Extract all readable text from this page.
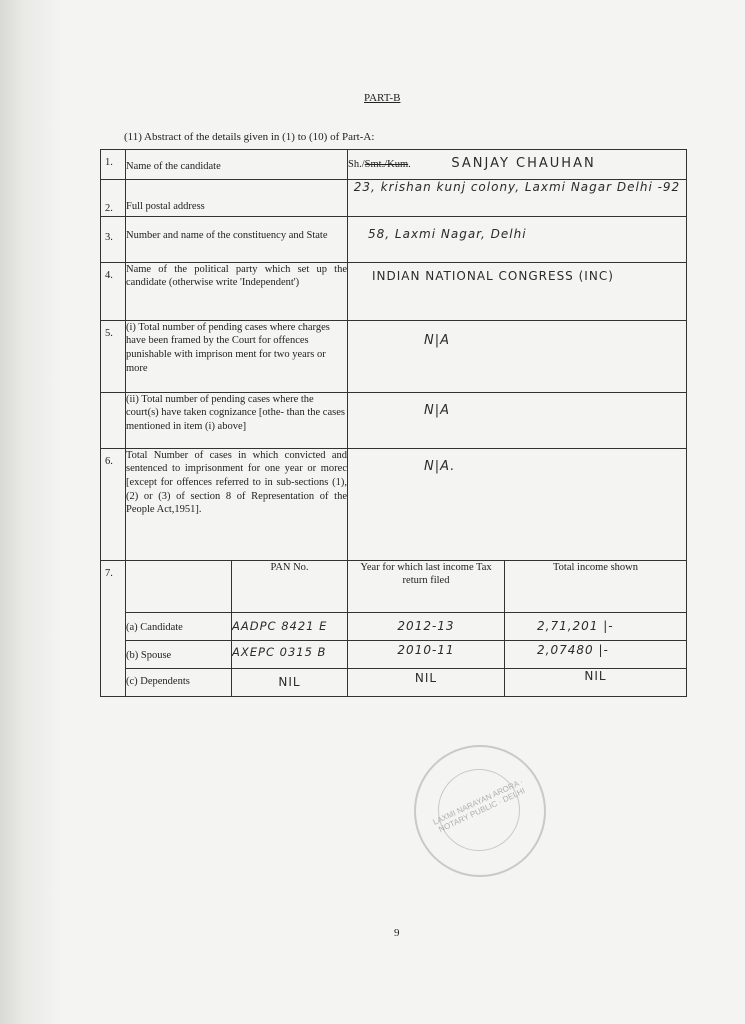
PART-B
(11) Abstract of the details given in (1) to (10) of Part-A:
1.	Name of the candidate		Sh./Smt./Kum. SANJAY CHAUHAN	
2.	Full postal address		23, krishan kunj colony, Laxmi Nagar Delhi -92	
3.	Number and name of the constituency and State		58, Laxmi Nagar, Delhi	
4.	Name of the political party which set up the candidate (otherwise write 'Independent')		INDIAN NATIONAL CONGRESS (INC)	
5.	(i) Total number of pending cases where charges have been framed by the Court for offences punishable with imprison ment for two years or more		N|A	
	(ii) Total number of pending cases where the court(s) have taken cognizance [othe- than the cases mentioned in item (i) above]		N|A	
6.	Total Number of cases in which convicted and sentenced to imprisonment for one year or morec [except for offences referred to in sub-sections (1), (2) or (3) of section 8 of Representation of the People Act,1951].		N|A.	
7.		PAN No.	Year for which last income Tax return filed	Total income shown
	(a) Candidate	AADPC 8421 E	2012-13	2,71,201 |-
	(b) Spouse	AXEPC 0315 B	2010-11	2,07480 |-
	(c) Dependents	NIL	NIL	NIL
LAXMI NARAYAN ARORA · NOTARY PUBLIC · DELHI
9
